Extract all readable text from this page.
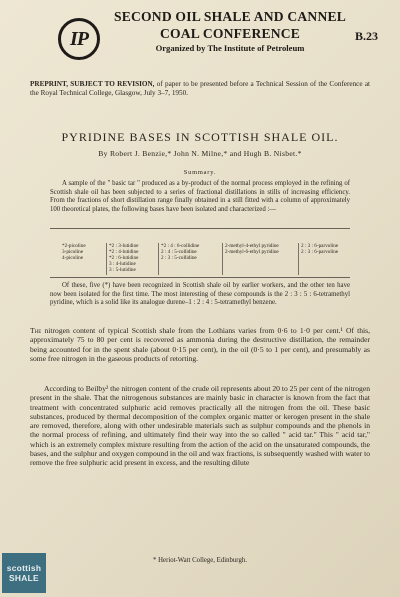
IP
SECOND OIL SHALE AND CANNEL
COAL CONFERENCE	B.23
Organized by The Institute of Petroleum
PREPRINT, SUBJECT TO REVISION, of paper to be presented before a Technical Session of the Conference at the Royal Technical College, Glasgow, July 3–7, 1950.
PYRIDINE BASES IN SCOTTISH SHALE OIL.
By Robert J. Benzie,* John N. Milne,* and Hugh B. Nisbet.*
Summary.
A sample of the " basic tar " produced as a by-product of the normal process employed in the refining of Scottish shale oil has been subjected to a series of fractional distillations in stills of increasing efficiency. From the fractions of short distillation range finally obtained in a still fitted with a column of approximately 100 theoretical plates, the following bases have been isolated and characterized :—
*2-picoline
3-picoline
4-picoline
*2 : 3-lutidine
*2 : 4-lutidine
*2 : 6-lutidine
3 : 4-lutidine
3 : 5-lutidine
*2 : 4 : 6-collidine
2 : 4 : 5-collidine
2 : 3 : 5-collidine
2-methyl-4-ethyl pyridine
2-methyl-6-ethyl pyridine
2 : 3 : 6-parvoline
2 : 3 : 6-parvoline
Of these, five (*) have been recognized in Scottish shale oil by earlier workers, and the other ten have now been isolated for the first time. The most interesting of these compounds is the 2 : 3 : 5 : 6-tetramethyl pyridine, which is a solid like its analogue durene–1 : 2 : 4 : 5-tetramethyl benzene.
The nitrogen content of typical Scottish shale from the Lothians varies from 0·6 to 1·0 per cent.¹ Of this, approximately 75 to 80 per cent is recovered as ammonia during the destructive distillation, the remainder being accounted for in the spent shale (about 0·15 per cent), in the oil (0·5 to 1 per cent), and presumably as some free nitrogen in the gaseous products of retorting.
According to Beilby² the nitrogen content of the crude oil represents about 20 to 25 per cent of the nitrogen present in the shale. That the nitrogenous substances are mainly basic in character is known from the fact that treatment with concentrated sulphuric acid removes practically all the nitrogen from the oil. These basic substances, produced by thermal decomposition of the complex organic matter or kerogen present in the shale are removed, therefore, along with other undesirable materials such as sulphur compounds and the phenols in the normal process of refining, and ultimately find their way into the so called " acid tar." This " acid tar," which is an extremely complex mixture resulting from the action of the acid on the unsaturated compounds, the bases, and the sulphur and oxygen compound in the oil and wax fractions, is subsequently washed with water to remove the free sulphuric acid present in excess, and the resulting dilute
* Heriot-Watt College, Edinburgh.
scottish
SHALE
